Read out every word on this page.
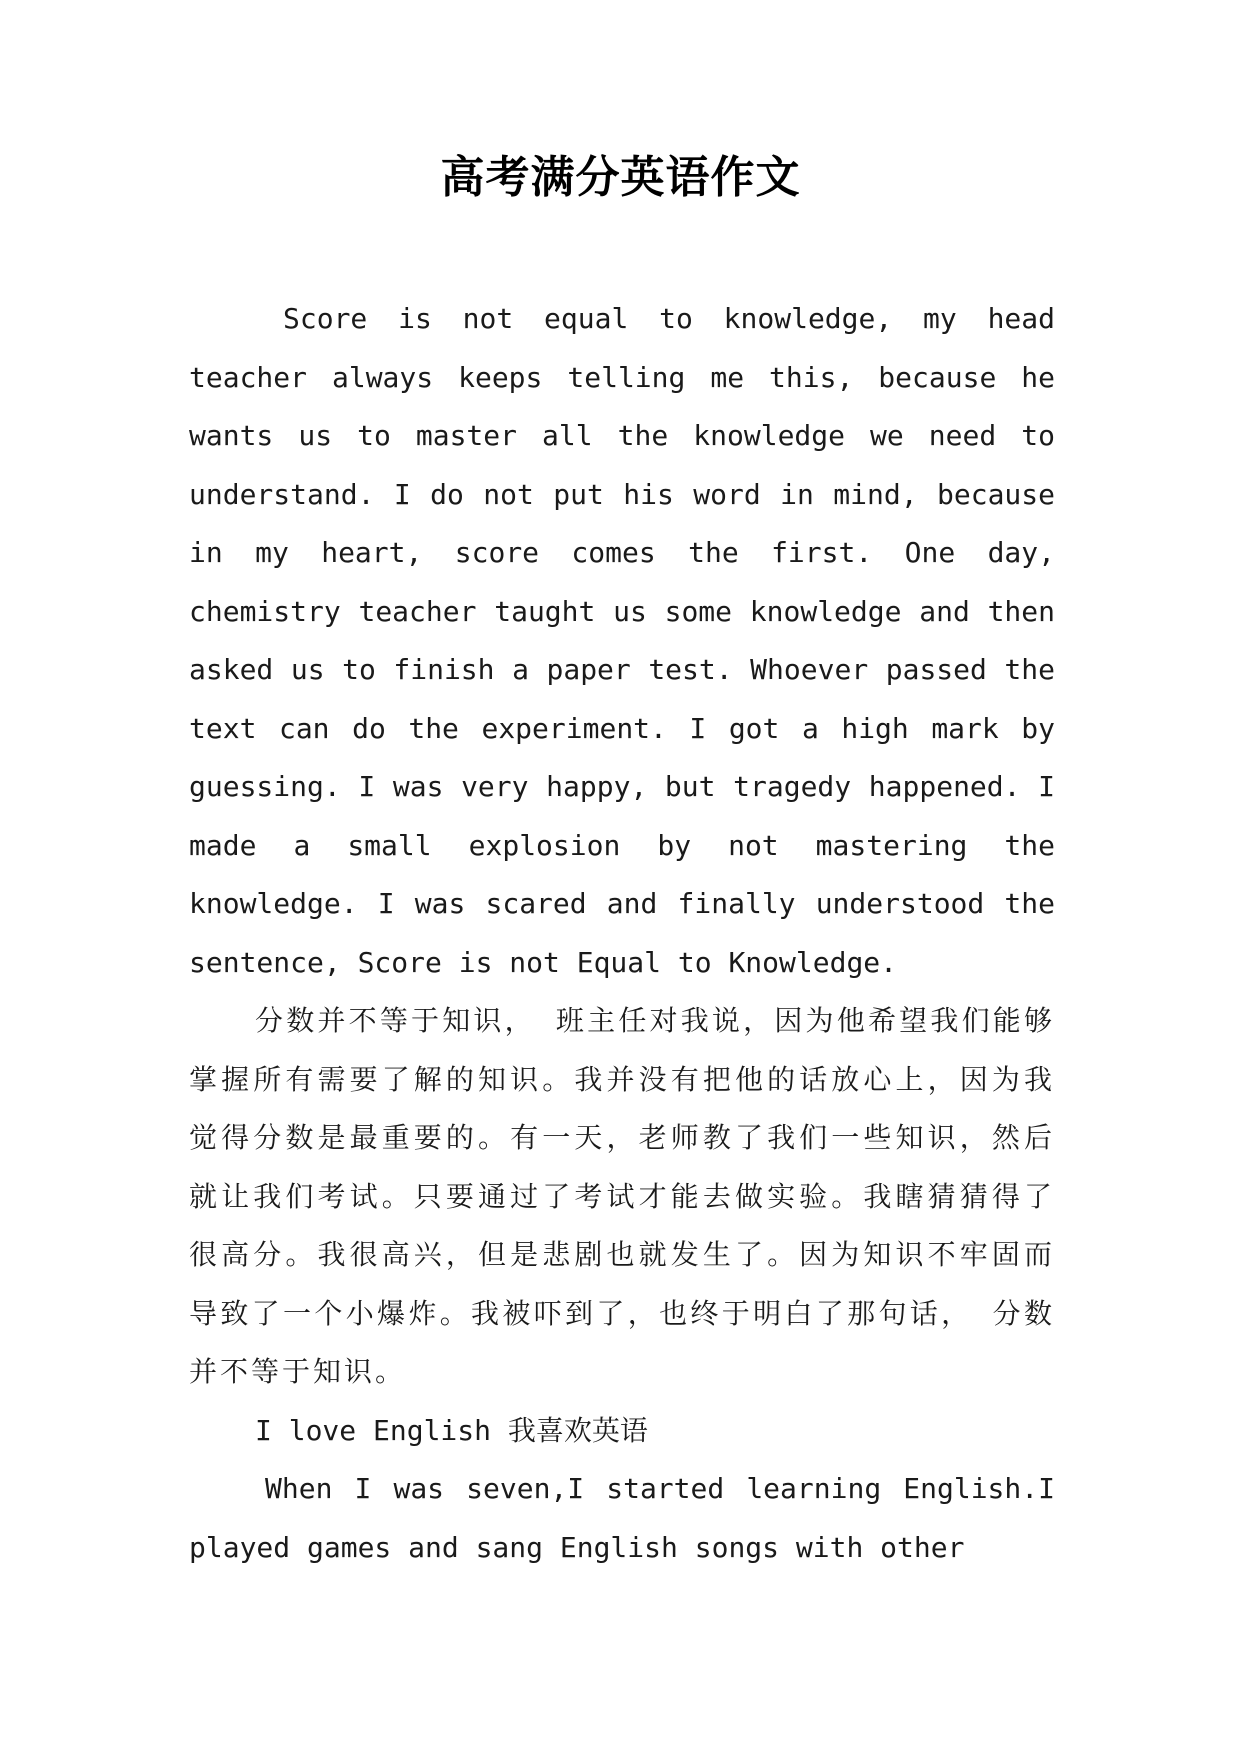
高考满分英语作文

Score is not equal to knowledge, my head teacher always keeps telling me this, because he wants us to master all the knowledge we need to understand. I do not put his word in mind, because in my heart, score comes the first. One day, chemistry teacher taught us some knowledge and then asked us to finish a paper test. Whoever passed the text can do the experiment. I got a high mark by guessing. I was very happy, but tragedy happened. I made a small explosion by not mastering the knowledge. I was scared and finally understood the sentence, Score is not Equal to Knowledge.

分数并不等于知识， 班主任对我说，因为他希望我们能够掌握所有需要了解的知识。我并没有把他的话放心上，因为我觉得分数是最重要的。有一天，老师教了我们一些知识，然后就让我们考试。只要通过了考试才能去做实验。我瞎猜猜得了很高分。我很高兴，但是悲剧也就发生了。因为知识不牢固而导致了一个小爆炸。我被吓到了，也终于明白了那句话， 分数并不等于知识。

I love English 我喜欢英语

When I was seven,I started learning English.I played games and sang English songs with other
